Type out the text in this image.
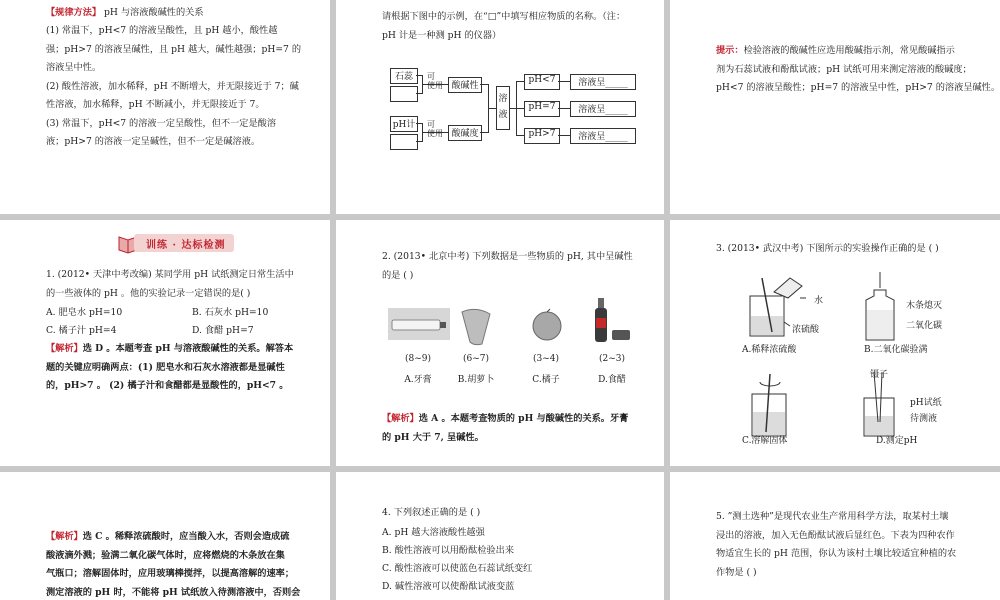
【规律方法】 pH 与溶液酸碱性的关系
(1) 常温下，pH<7 的溶液呈酸性，且 pH 越小，酸性越
强；pH>7 的溶液呈碱性，且 pH 越大，碱性越强；pH=7 的
溶液呈中性。
(2) 酸性溶液，加水稀释，pH 不断增大，并无限接近于 7；碱
性溶液，加水稀释，pH 不断减小，并无限接近于 7。
(3) 常温下，pH<7 的溶液一定呈酸性，但不一定是酸溶
液；pH>7 的溶液一定呈碱性，但不一定是碱溶液。
请根据下图中的示例，在“□”中填写相应物质的名称。（注：
pH 计是一种测 pH 的仪器）
石蕊
pH计
可
使用
可
使用
酸碱性
酸碱度
溶
液
pH<7
pH=7
pH>7
溶液呈_____
溶液呈_____
溶液呈_____
提示：检验溶液的酸碱性应选用酸碱指示剂，常见酸碱指示
剂为石蕊试液和酚酞试液；pH 试纸可用来测定溶液的酸碱度；
pH<7 的溶液呈酸性；pH=7 的溶液呈中性，pH>7 的溶液呈碱性。
训练 · 达标检测
1. (2012• 天津中考改编) 某同学用 pH 试纸测定日常生活中
的一些液体的 pH 。他的实验记录一定错误的是( )
A. 肥皂水 pH=10	B. 石灰水 pH=10
C. 橘子汁 pH=4	D. 食醋 pH=7
【解析】选 D 。本题考查 pH 与溶液酸碱性的关系。解答本
题的关键应明确两点：(1) 肥皂水和石灰水溶液都是显碱性
的，pH>7 。 (2) 橘子汁和食醋都是显酸性的，pH<7 。
2. (2013• 北京中考) 下列数据是一些物质的 pH, 其中呈碱性
的是 ( )
(8~9)	(6~7)	(3~4)	(2~3)
A.牙膏	B.胡萝卜	C.橘子	D.食醋
【解析】选 A 。本题考查物质的 pH 与酸碱性的关系。牙膏
的 pH 大于 7, 呈碱性。
3. (2013• 武汉中考) 下图所示的实验操作正确的是 ( )
水
浓硫酸
A.稀释浓硫酸
木条熄灭
二氧化碳
B.二氧化碳验满
C.溶解固体
镊子
pH试纸
待测液
D.测定pH
【解析】选 C 。稀释浓硫酸时，应当酸入水，否则会造成硫
酸液滴外溅；验满二氧化碳气体时，应将燃烧的木条放在集
气瓶口；溶解固体时，应用玻璃棒搅拌，以提高溶解的速率；
测定溶液的 pH 时，不能将 pH 试纸放入待测溶液中，否则会
4. 下列叙述正确的是 ( )
A. pH 越大溶液酸性越强
B. 酸性溶液可以用酚酞检验出来
C. 酸性溶液可以使蓝色石蕊试纸变红
D. 碱性溶液可以使酚酞试液变蓝
5. ”测土选种”是现代农业生产常用科学方法，取某村土壤
浸出的溶液，加入无色酚酞试液后显红色。下表为四种农作
物适宜生长的 pH 范围，你认为该村土壤比较适宜种植的农
作物是 ( )
